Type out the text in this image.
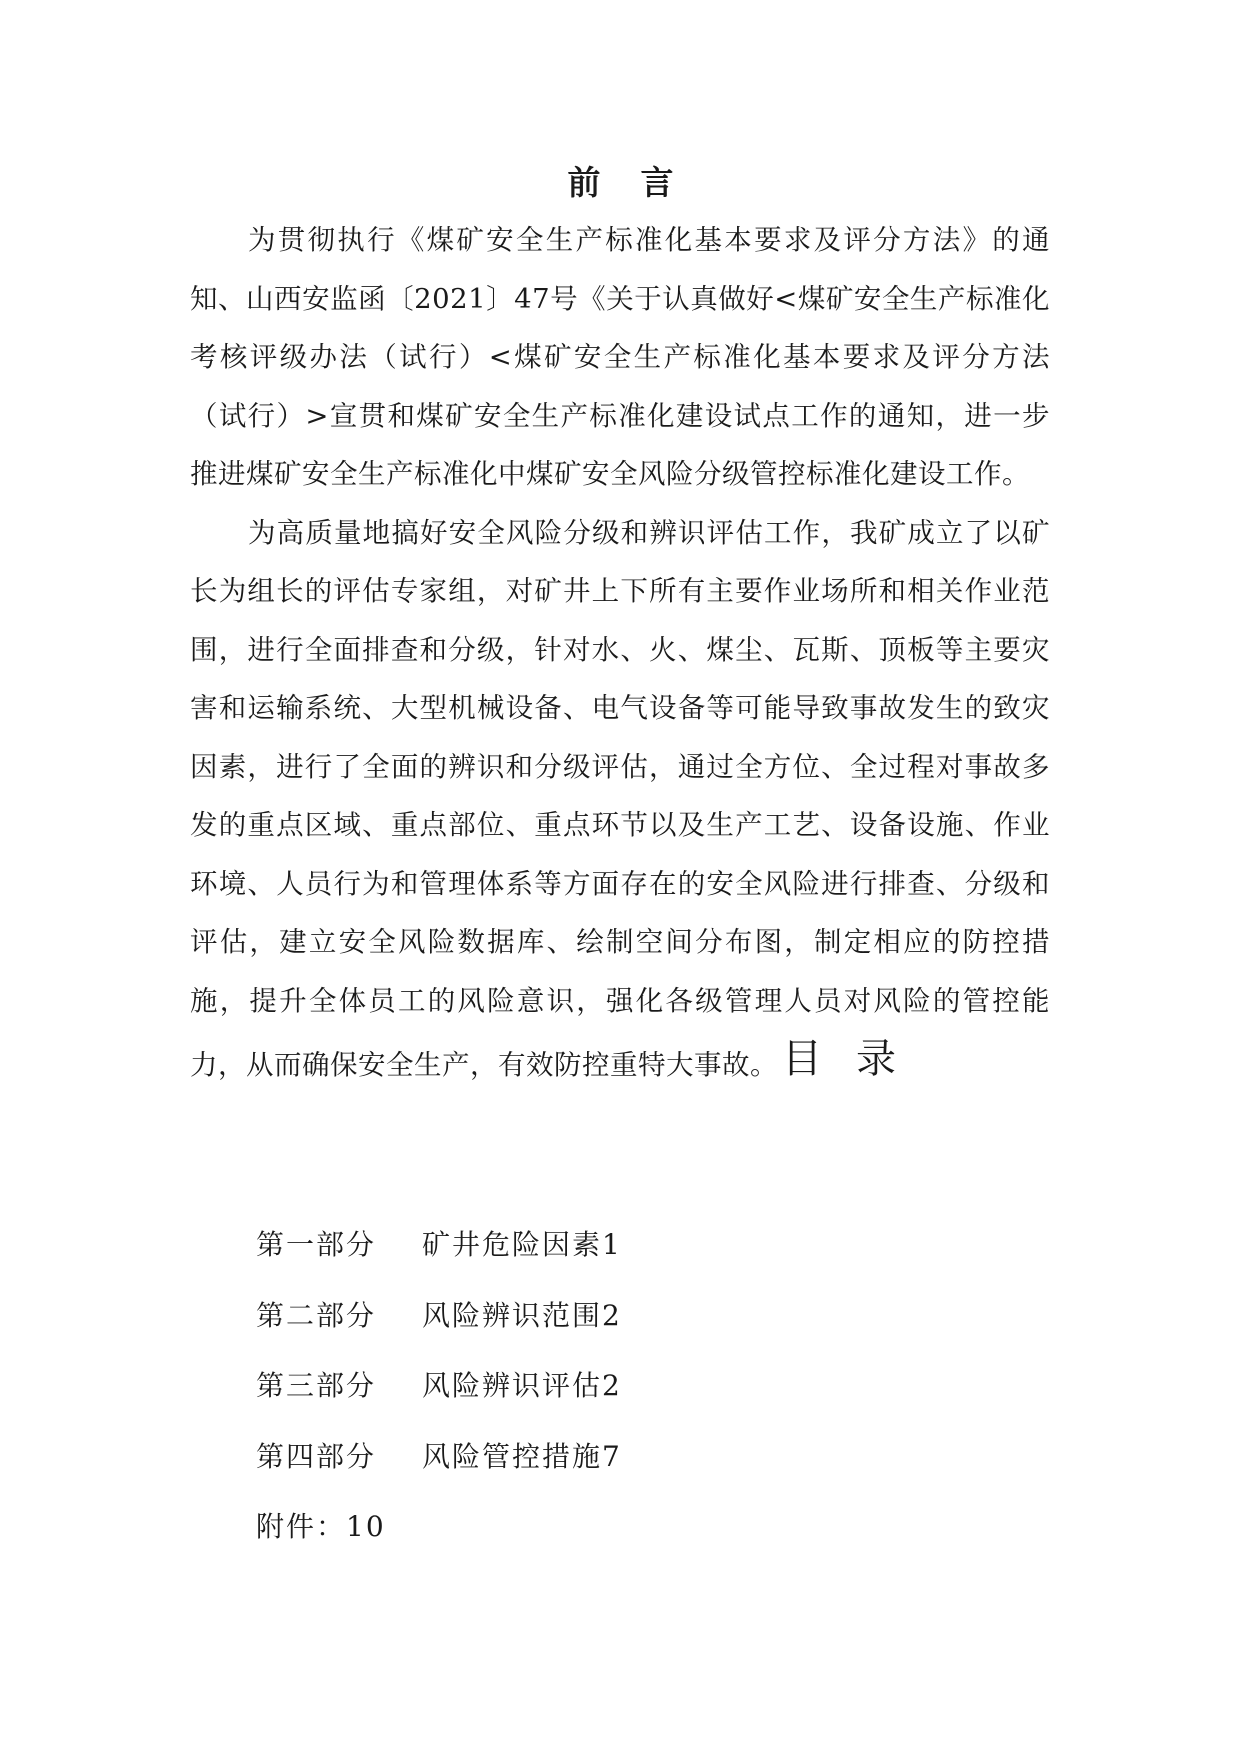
前言

为贯彻执行《煤矿安全生产标准化基本要求及评分方法》的通知、山西安监函〔2021〕47号《关于认真做好<煤矿安全生产标准化考核评级办法（试行）<煤矿安全生产标准化基本要求及评分方法（试行）>宣贯和煤矿安全生产标准化建设试点工作的通知，进一步推进煤矿安全生产标准化中煤矿安全风险分级管控标准化建设工作。

为高质量地搞好安全风险分级和辨识评估工作，我矿成立了以矿长为组长的评估专家组，对矿井上下所有主要作业场所和相关作业范围，进行全面排查和分级，针对水、火、煤尘、瓦斯、顶板等主要灾害和运输系统、大型机械设备、电气设备等可能导致事故发生的致灾因素，进行了全面的辨识和分级评估，通过全方位、全过程对事故多发的重点区域、重点部位、重点环节以及生产工艺、设备设施、作业环境、人员行为和管理体系等方面存在的安全风险进行排查、分级和评估，建立安全风险数据库、绘制空间分布图，制定相应的防控措施，提升全体员工的风险意识，强化各级管理人员对风险的管控能力，从而确保安全生产，有效防控重特大事故。 目录

第一部分 矿井危险因素1
第二部分 风险辨识范围2
第三部分 风险辨识评估2
第四部分 风险管控措施7
附件：10
